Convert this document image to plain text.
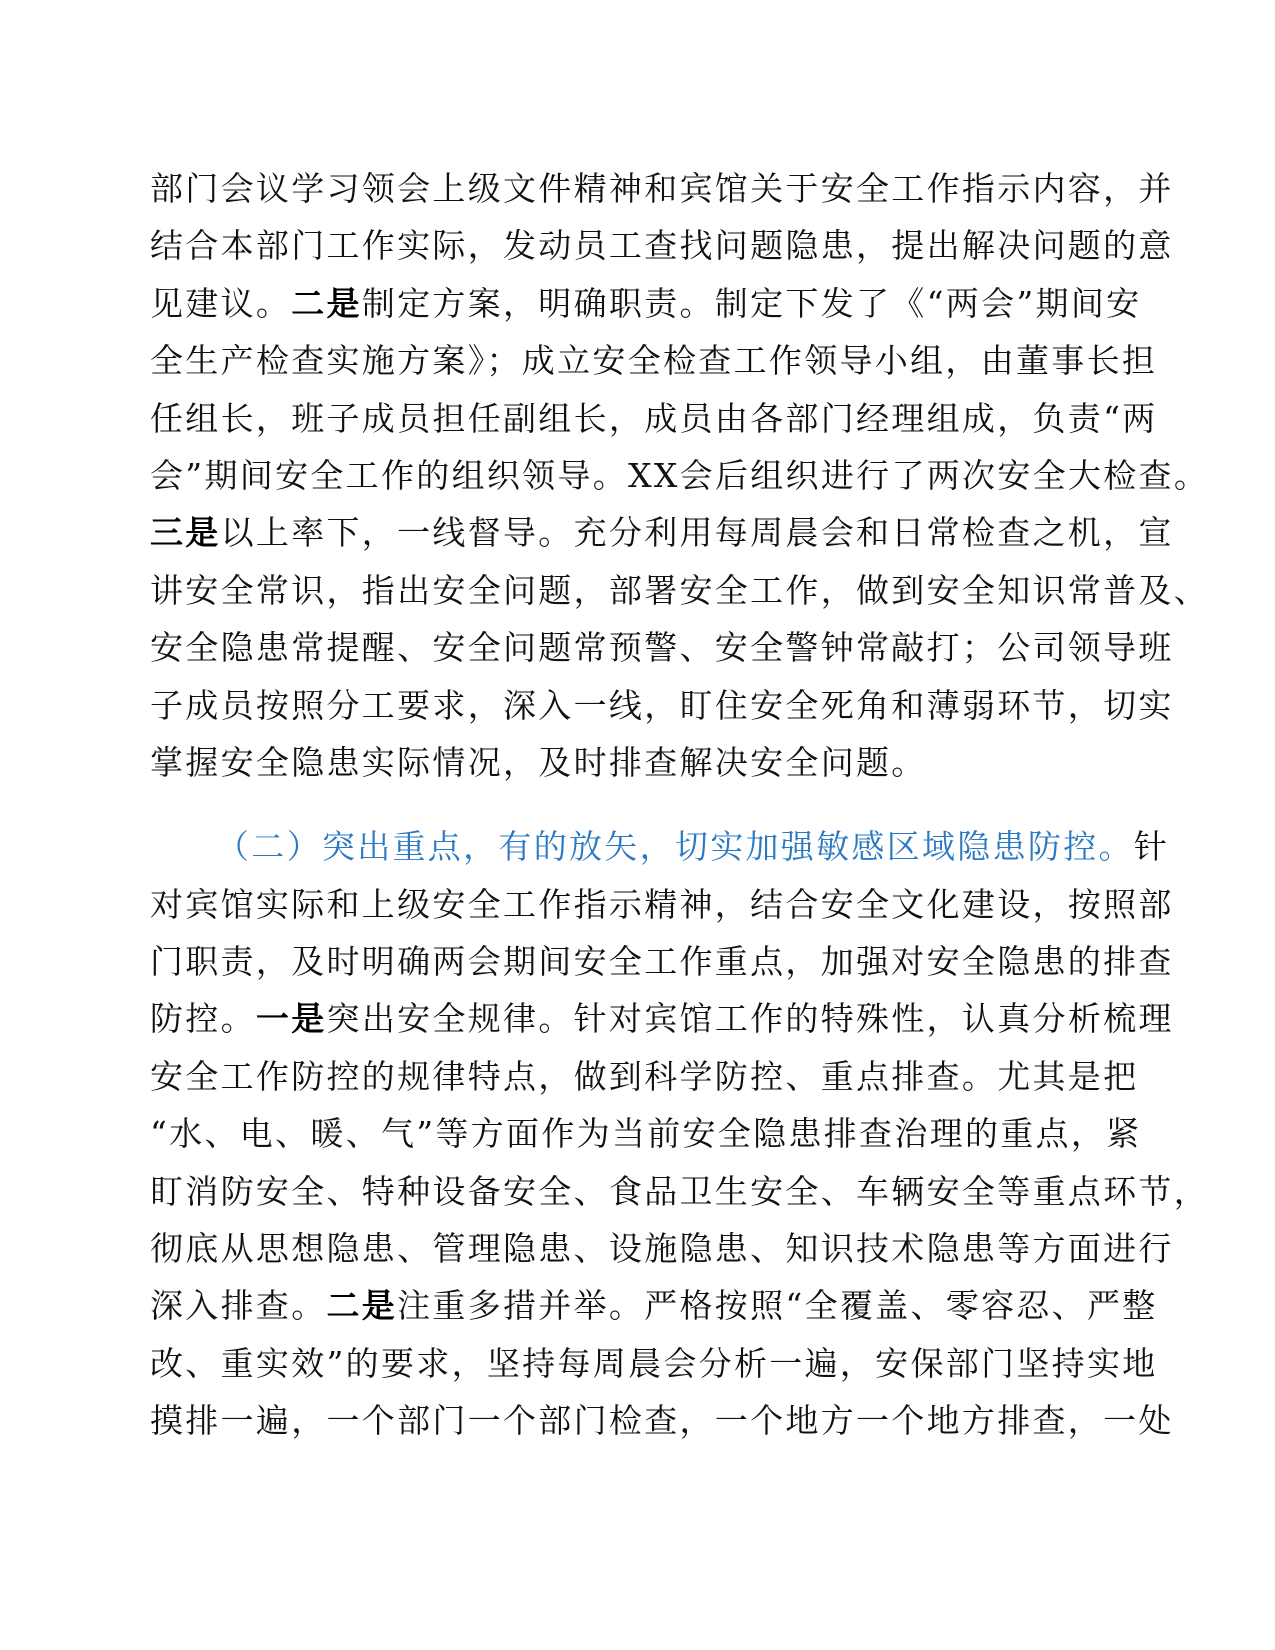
部门会议学习领会上级文件精神和宾馆关于安全工作指示内容，并
结合本部门工作实际，发动员工查找问题隐患，提出解决问题的意
见建议。二是制定方案，明确职责。制定下发了《“两会”期间安
全生产检查实施方案》；成立安全检查工作领导小组，由董事长担
任组长，班子成员担任副组长，成员由各部门经理组成，负责“两
会”期间安全工作的组织领导。XX会后组织进行了两次安全大检查。
三是以上率下，一线督导。充分利用每周晨会和日常检查之机，宣
讲安全常识，指出安全问题，部署安全工作，做到安全知识常普及、
安全隐患常提醒、安全问题常预警、安全警钟常敲打；公司领导班
子成员按照分工要求，深入一线，盯住安全死角和薄弱环节，切实
掌握安全隐患实际情况，及时排查解决安全问题。
（二）突出重点，有的放矢，切实加强敏感区域隐患防控。针
对宾馆实际和上级安全工作指示精神，结合安全文化建设，按照部
门职责，及时明确两会期间安全工作重点，加强对安全隐患的排查
防控。一是突出安全规律。针对宾馆工作的特殊性，认真分析梳理
安全工作防控的规律特点，做到科学防控、重点排查。尤其是把
“水、电、暖、气”等方面作为当前安全隐患排查治理的重点，紧
盯消防安全、特种设备安全、食品卫生安全、车辆安全等重点环节，
彻底从思想隐患、管理隐患、设施隐患、知识技术隐患等方面进行
深入排查。二是注重多措并举。严格按照“全覆盖、零容忍、严整
改、重实效”的要求，坚持每周晨会分析一遍，安保部门坚持实地
摸排一遍，一个部门一个部门检查，一个地方一个地方排查，一处
